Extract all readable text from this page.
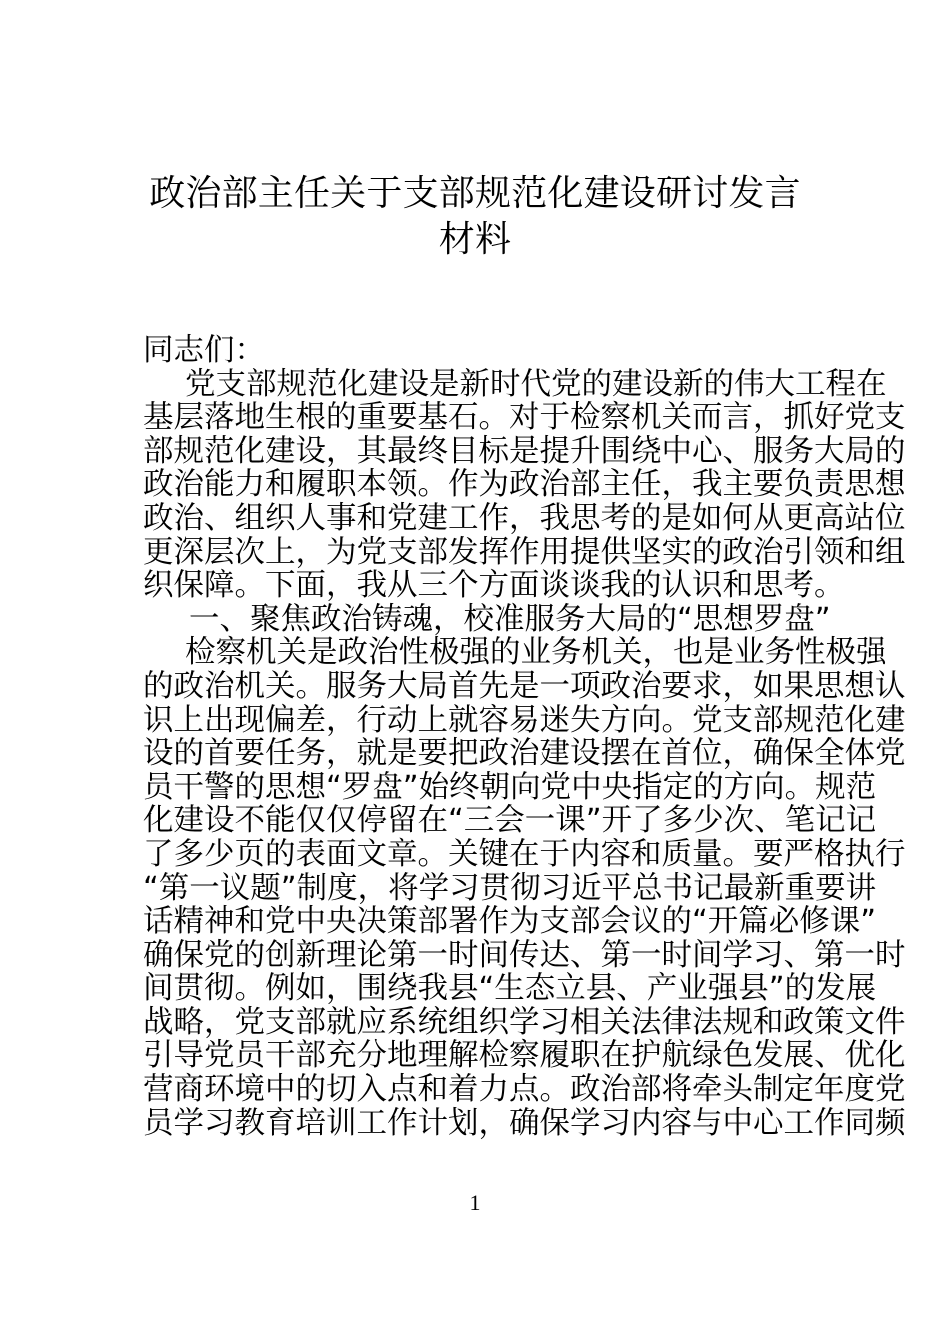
政治部主任关于支部规范化建设研讨发言
材料
同志们：
党支部规范化建设是新时代党的建设新的伟大工程在
基层落地生根的重要基石。对于检察机关而言，抓好党支
部规范化建设，其最终目标是提升围绕中心、服务大局的
政治能力和履职本领。作为政治部主任，我主要负责思想
政治、组织人事和党建工作，我思考的是如何从更高站位
更深层次上，为党支部发挥作用提供坚实的政治引领和组
织保障。下面，我从三个方面谈谈我的认识和思考。
一、聚焦政治铸魂，校准服务大局的“思想罗盘”
检察机关是政治性极强的业务机关，也是业务性极强
的政治机关。服务大局首先是一项政治要求，如果思想认
识上出现偏差，行动上就容易迷失方向。党支部规范化建
设的首要任务，就是要把政治建设摆在首位，确保全体党
员干警的思想“罗盘”始终朝向党中央指定的方向。规范
化建设不能仅仅停留在“三会一课”开了多少次、笔记记
了多少页的表面文章。关键在于内容和质量。要严格执行
“第一议题”制度，将学习贯彻习近平总书记最新重要讲
话精神和党中央决策部署作为支部会议的“开篇必修课”
确保党的创新理论第一时间传达、第一时间学习、第一时
间贯彻。例如，围绕我县“生态立县、产业强县”的发展
战略，党支部就应系统组织学习相关法律法规和政策文件
引导党员干部充分地理解检察履职在护航绿色发展、优化
营商环境中的切入点和着力点。政治部将牵头制定年度党
员学习教育培训工作计划，确保学习内容与中心工作同频
1
